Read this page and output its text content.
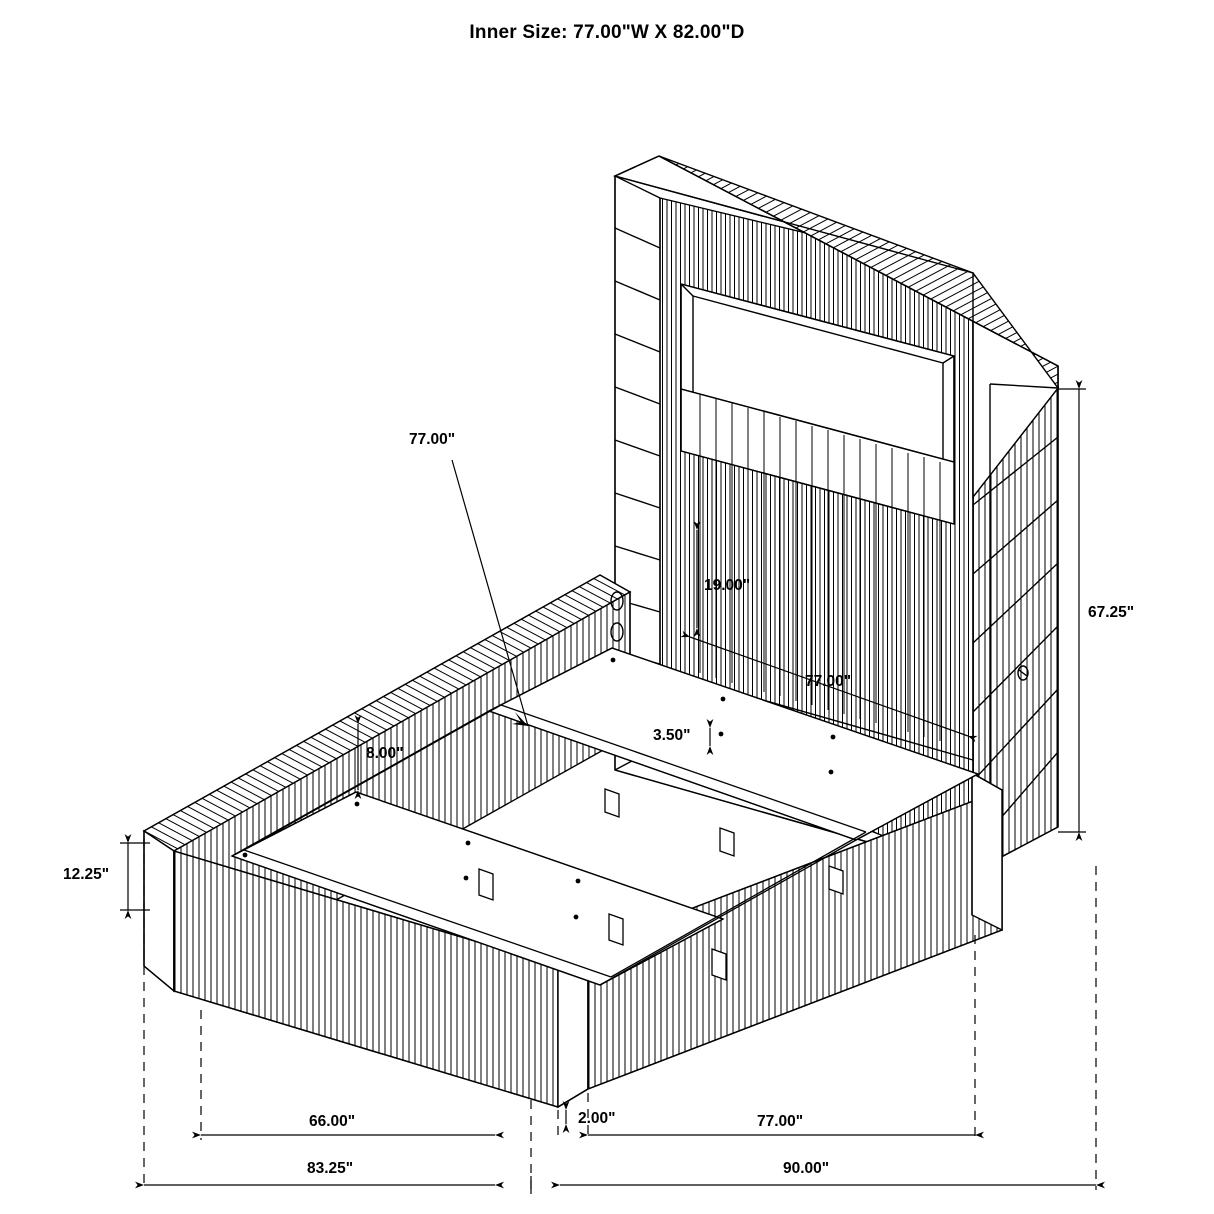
Inner Size: 77.00"W X 82.00"D
67.25"
12.25"
19.00"
8.00"
3.50"
77.00"
77.00"
2.00"
66.00"	77.00"
83.25"	90.00"
